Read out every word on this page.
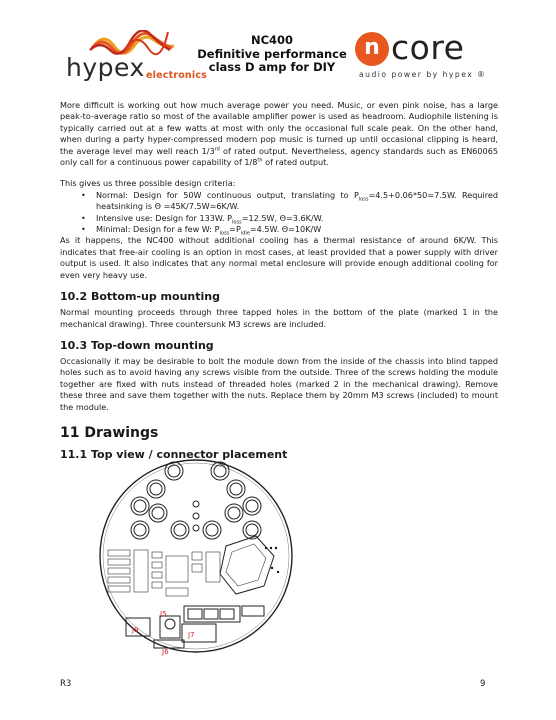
hypex electronics
NC400
Definitive performance
class D amp for DIY
n core
audio power by hypex ®

More difficult is working out how much average power you need. Music, or even pink noise, has a large peak-to-average ratio so most of the available amplifier power is used as headroom. Audiophile listening is typically carried out at a few watts at most with only the occasional full scale peak. On the other hand, when during a party hyper-compressed modern pop music is turned up until occasional clipping is heard, the average level may well reach 1/3rd of rated output. Nevertheless, agency standards such as EN60065 only call for a continuous power capability of 1/8th of rated output.

This gives us three possible design criteria:

• Normal: Design for 50W continuous output, translating to $P_{loss}=4.5+0.06*50=7.5W$. Required heatsinking is Θ =45K/7.5W=6K/W.
• Intensive use: Design for 133W. $P_{loss}=12.5W$, Θ=3.6K/W.
• Minimal: Design for a few W: $P_{loss}=P_{idle}=4.5W$. Θ=10K/W

As it happens, the NC400 without additional cooling has a thermal resistance of around 6K/W. This indicates that free-air cooling is an option in most cases, at least provided that a power supply with driver output is used. It also indicates that any normal metal enclosure will provide enough additional cooling for even very heavy use.

10.2 Bottom-up mounting

Normal mounting proceeds through three tapped holes in the bottom of the plate (marked 1 in the mechanical drawing). Three countersunk M3 screws are included.

10.3 Top-down mounting

Occasionally it may be desirable to bolt the module down from the inside of the chassis into blind tapped holes such as to avoid having any screws visible from the outside. Three of the screws holding the module together are fixed with nuts instead of threaded holes (marked 2 in the mechanical drawing). Remove these three and save them together with the nuts. Replace them by 20mm M3 screws (included) to mount the module.

11 Drawings
11.1 Top view / connector placement
J5
J9
J7
J6
R3	9
